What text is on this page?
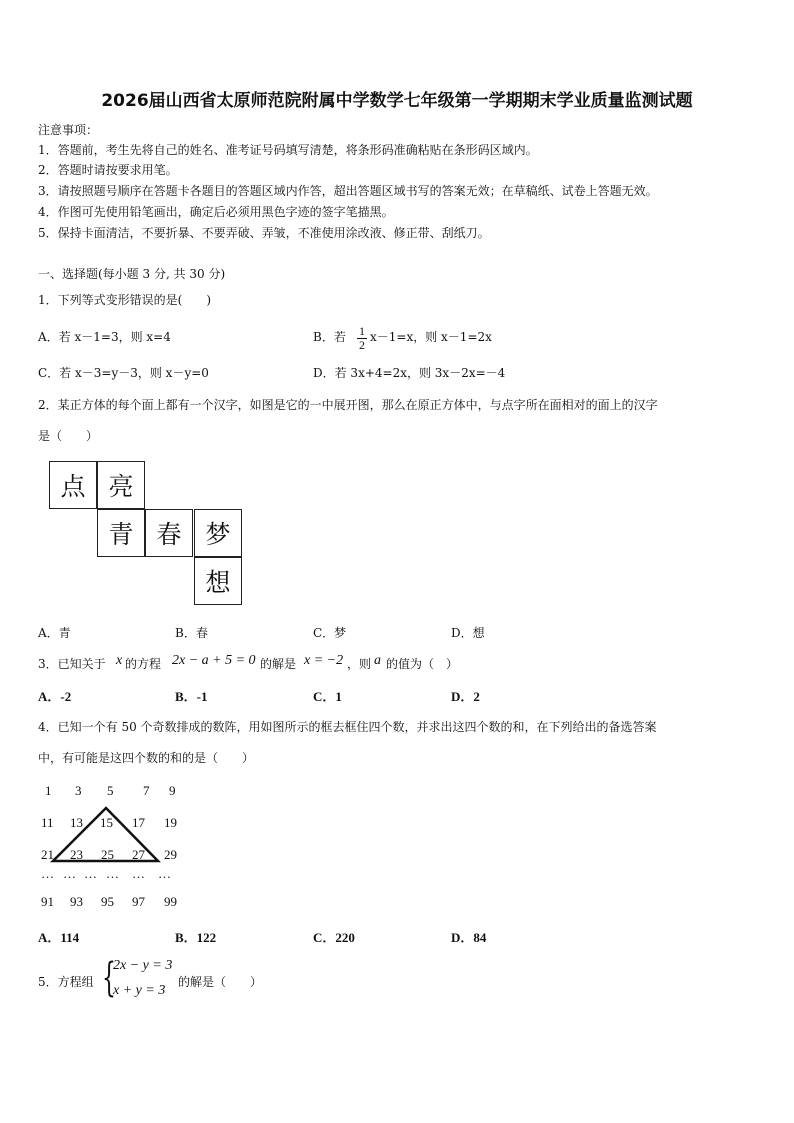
2026届山西省太原师范院附属中学数学七年级第一学期期末学业质量监测试题
注意事项：
1．答题前，考生先将自己的姓名、准考证号码填写清楚，将条形码准确粘贴在条形码区域内。
2．答题时请按要求用笔。
3．请按照题号顺序在答题卡各题目的答题区域内作答，超出答题区域书写的答案无效；在草稿纸、试卷上答题无效。
4．作图可先使用铅笔画出，确定后必须用黑色字迹的签字笔描黑。
5．保持卡面清洁，不要折暴、不要弄破、弄皱，不准使用涂改液、修正带、刮纸刀。
一、选择题(每小题 3 分, 共 30 分)
1．下列等式变形错误的是(　　)
A．若 x－1=3，则 x=4	B．若 1
2
x－1=x，则 x－1=2x
C．若 x－3=y－3，则 x－y=0	D．若 3x+4=2x，则 3x－2x=－4
2．某正方体的每个面上都有一个汉字，如图是它的一中展开图，那么在原正方体中，与点字所在面相对的面上的汉字
是（　　）
点 亮
青 春 梦
想
A．青	B．春	C．梦	D．想
3．已知关于 x 的方程 2x − a + 5 = 0 的解是 x = −2 ，则 a 的值为（　）
A．-2	B．-1	C．1	D．2
4．已知一个有 50 个奇数排成的数阵，用如图所示的框去框住四个数，并求出这四个数的和，在下列给出的备选答案
中，有可能是这四个数的和的是（　　）
1 3 5 7 9
11 13 15 17 19
21 23 25 27 29
… … … … … …
91 93 95 97 99
A．114	B．122	C．220	D．84
5．方程组 {
2x − y = 3
x + y = 3
的解是（　　）
